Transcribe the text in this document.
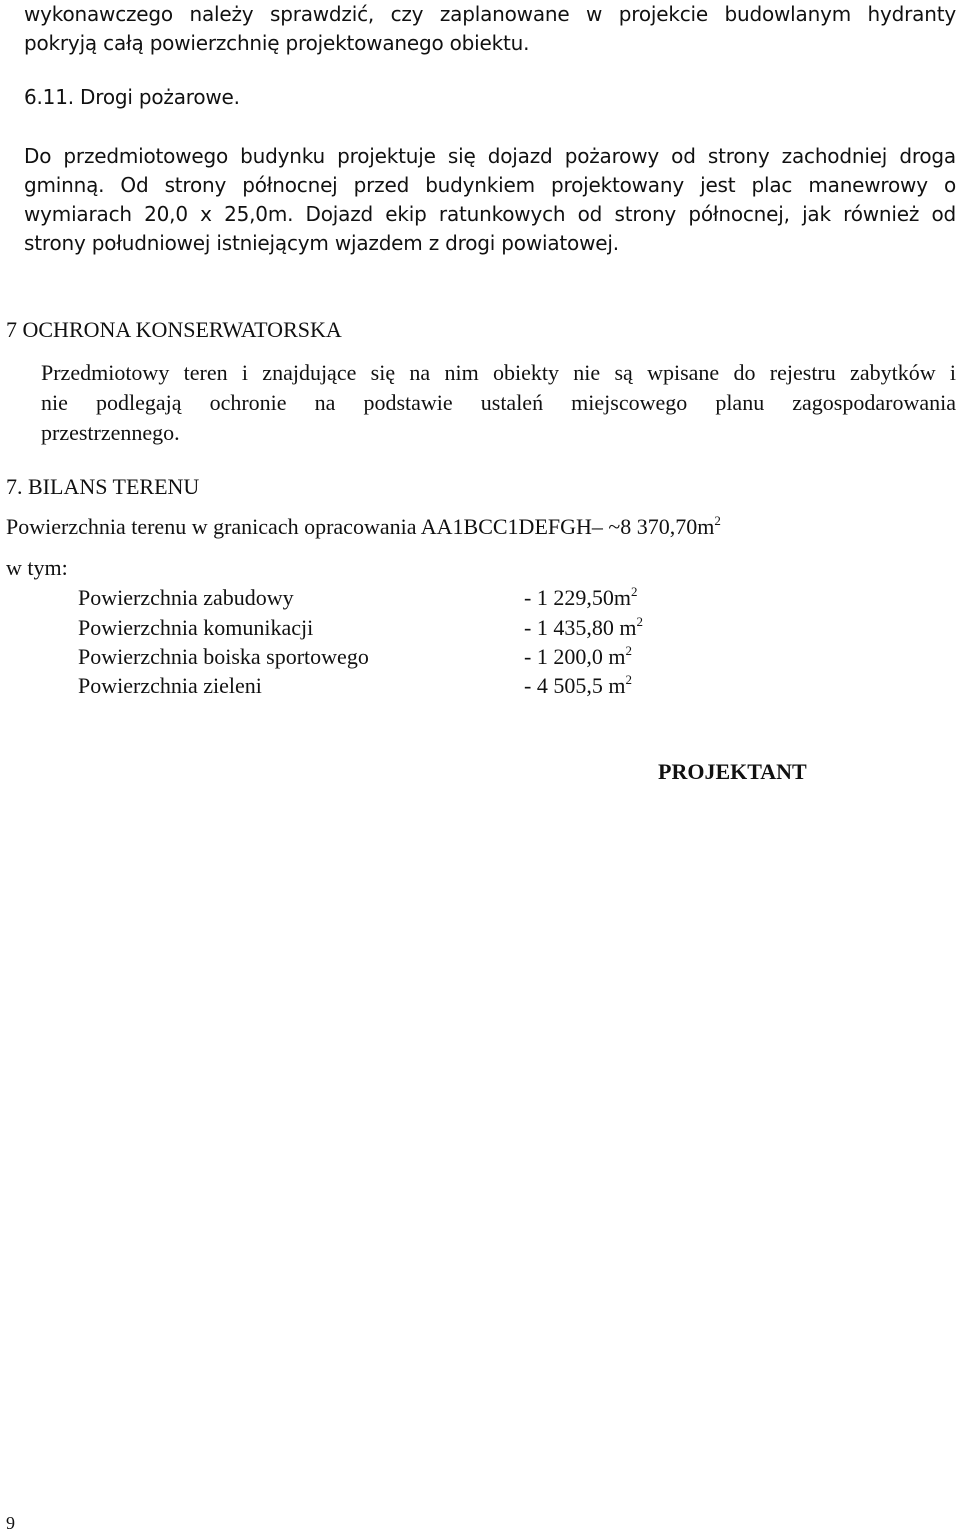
wykonawczego należy sprawdzić, czy zaplanowane w projekcie budowlanym hydranty
pokryją całą powierzchnię projektowanego obiektu.
6.11. Drogi pożarowe.
Do przedmiotowego budynku projektuje się dojazd pożarowy od strony zachodniej droga
gminną. Od strony północnej przed budynkiem projektowany jest plac manewrowy o
wymiarach 20,0 x 25,0m. Dojazd ekip ratunkowych od strony północnej, jak również od
strony południowej istniejącym wjazdem z drogi powiatowej.
7 OCHRONA KONSERWATORSKA
Przedmiotowy teren i znajdujące się na nim obiekty nie są wpisane do rejestru zabytków i
nie podlegają ochronie na podstawie ustaleń miejscowego planu zagospodarowania
przestrzennego.
7. BILANS TERENU
Powierzchnia terenu w granicach opracowania AA1BCC1DEFGH– ~8 $370,70m^2$
w tym:
Powierzchnia zabudowy	- 1 $229,50m^2$
Powierzchnia komunikacji	- 1 435,80 $m^2$
Powierzchnia boiska sportowego	- 1 200,0 $m^2$
Powierzchnia zieleni	- 4 505,5 $m^2$
PROJEKTANT
9
